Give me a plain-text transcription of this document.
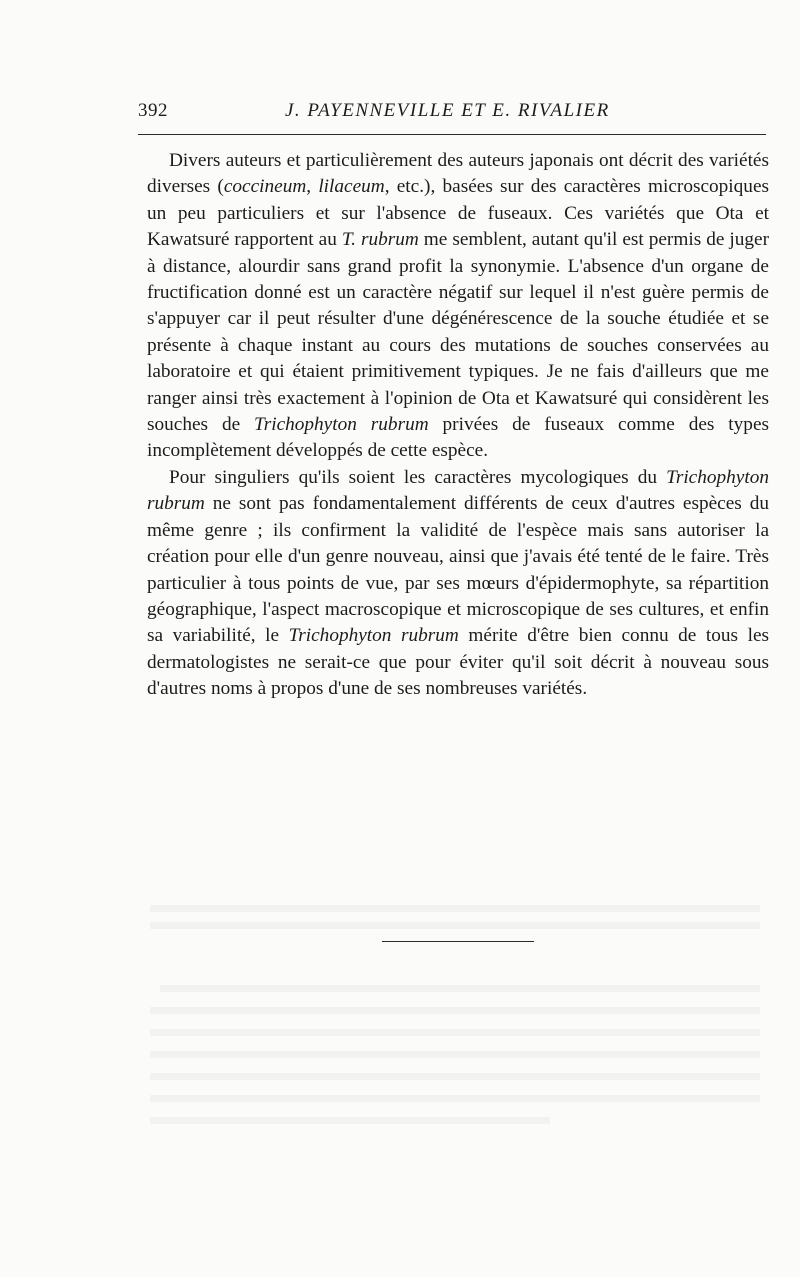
392	J. PAYENNEVILLE ET E. RIVALIER

Divers auteurs et particulièrement des auteurs japonais ont décrit des variétés diverses (coccineum, lilaceum, etc.), basées sur des caractères microscopiques un peu particuliers et sur l'absence de fuseaux. Ces variétés que Ota et Kawatsuré rapportent au T. rubrum me semblent, autant qu'il est permis de juger à distance, alourdir sans grand profit la synonymie. L'absence d'un organe de fructification donné est un caractère négatif sur lequel il n'est guère permis de s'appuyer car il peut résulter d'une dégénérescence de la souche étudiée et se présente à chaque instant au cours des mutations de souches conservées au laboratoire et qui étaient primitivement typiques. Je ne fais d'ailleurs que me ranger ainsi très exactement à l'opinion de Ota et Kawatsuré qui considèrent les souches de Trichophyton rubrum privées de fuseaux comme des types incomplètement développés de cette espèce.

Pour singuliers qu'ils soient les caractères mycologiques du Trichophyton rubrum ne sont pas fondamentalement différents de ceux d'autres espèces du même genre ; ils confirment la validité de l'espèce mais sans autoriser la création pour elle d'un genre nouveau, ainsi que j'avais été tenté de le faire. Très particulier à tous points de vue, par ses mœurs d'épidermophyte, sa répartition géographique, l'aspect macroscopique et microscopique de ses cultures, et enfin sa variabilité, le Trichophyton rubrum mérite d'être bien connu de tous les dermatologistes ne serait-ce que pour éviter qu'il soit décrit à nouveau sous d'autres noms à propos d'une de ses nombreuses variétés.
